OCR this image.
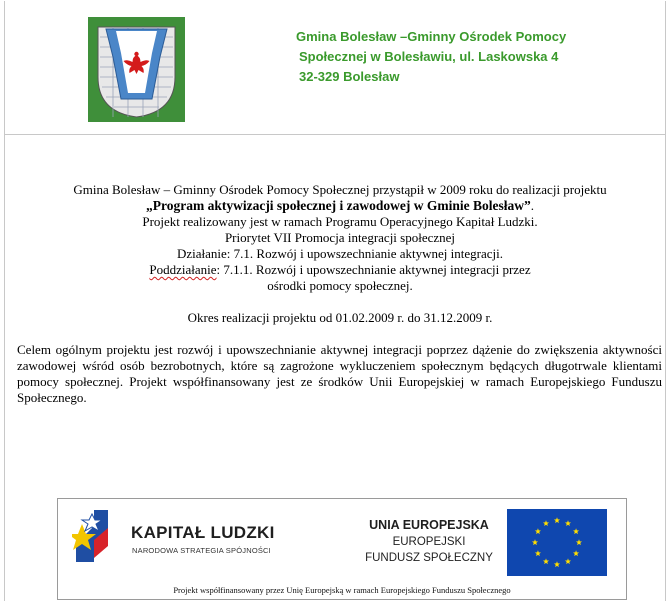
Gmina Bolesław –Gminny Ośrodek Pomocy
Społecznej w Bolesławiu, ul. Laskowska 4
32-329 Bolesław
Gmina Bolesław – Gminny Ośrodek Pomocy Społecznej przystąpił w 2009 roku do realizacji projektu
„Program aktywizacji społecznej i zawodowej w Gminie Bolesław”.
Projekt realizowany jest w ramach Programu Operacyjnego Kapitał Ludzki.
Priorytet VII Promocja integracji społecznej
Działanie: 7.1. Rozwój i upowszechnianie aktywnej integracji.
Poddziałanie: 7.1.1. Rozwój i upowszechnianie aktywnej integracji przez
ośrodki pomocy społecznej.
Okres realizacji projektu od 01.02.2009 r. do 31.12.2009 r.
Celem ogólnym projektu jest rozwój i upowszechnianie aktywnej integracji poprzez dążenie do zwiększenia aktywności zawodowej wśród osób bezrobotnych, które są zagrożone wykluczeniem społecznym będących długotrwale klientami pomocy społecznej. Projekt współfinansowany jest ze środków Unii Europejskiej w ramach Europejskiego Funduszu Społecznego.
KAPITAŁ LUDZKI
NARODOWA STRATEGIA SPÓJNOŚCI
UNIA EUROPEJSKA
EUROPEJSKI
FUNDUSZ SPOŁECZNY
Projekt współfinansowany przez Unię Europejską w ramach Europejskiego Funduszu Społecznego
